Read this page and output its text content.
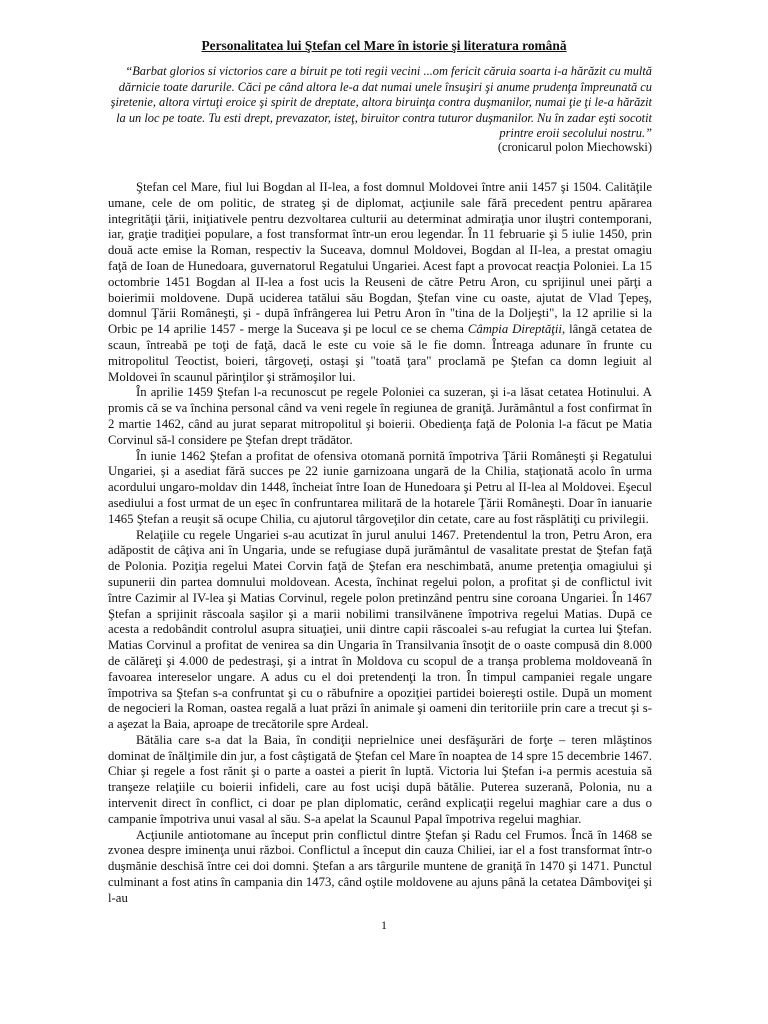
Personalitatea lui Ştefan cel Mare în istorie şi literatura română

“Barbat glorios si victorios care a biruit pe toti regii vecini ...om fericit căruia soarta i-a hărăzit cu multă dărnicie toate darurile. Căci pe când altora le-a dat numai unele însuşiri şi anume prudenţa împreunată cu şiretenie, altora virtuţi eroice şi spirit de dreptate, altora biruinţa contra duşmanilor, numai ţie ţi le-a hărăzit la un loc pe toate. Tu esti drept, prevazator, isteţ, biruitor contra tuturor duşmanilor. Nu în zadar eşti socotit printre eroii secolului nostru.”

(cronicarul polon Miechowski)

Ştefan cel Mare, fiul lui Bogdan al II-lea, a fost domnul Moldovei între anii 1457 şi 1504. Calităţile umane, cele de om politic, de strateg şi de diplomat, acţiunile sale fără precedent pentru apărarea integrităţii ţării, iniţiativele pentru dezvoltarea culturii au determinat admiraţia unor iluştri contemporani, iar, graţie tradiţiei populare, a fost transformat într-un erou legendar. În 11 februarie şi 5 iulie 1450, prin două acte emise la Roman, respectiv la Suceava, domnul Moldovei, Bogdan al II-lea, a prestat omagiu faţă de Ioan de Hunedoara, guvernatorul Regatului Ungariei. Acest fapt a provocat reacţia Poloniei. La 15 octombrie 1451 Bogdan al II-lea a fost ucis la Reuseni de către Petru Aron, cu sprijinul unei părţi a boierimii moldovene. După uciderea tatălui său Bogdan, Ştefan vine cu oaste, ajutat de Vlad Ţepeş, domnul Ţării Româneşti, şi - după înfrângerea lui Petru Aron în "tina de la Doljeşti", la 12 aprilie si la Orbic pe 14 aprilie 1457 - merge la Suceava şi pe locul ce se chema Câmpia Direptăţii, lângă cetatea de scaun, întreabă pe toţi de faţă, dacă le este cu voie să le fie domn. Întreaga adunare în frunte cu mitropolitul Teoctist, boieri, târgoveţi, ostaşi şi "toată ţara" proclamă pe Ştefan ca domn legiuit al Moldovei în scaunul părinţilor şi strămoşilor lui.

În aprilie 1459 Ştefan l-a recunoscut pe regele Poloniei ca suzeran, şi i-a lăsat cetatea Hotinului. A promis că se va închina personal când va veni regele în regiunea de graniţă. Jurământul a fost confirmat în 2 martie 1462, când au jurat separat mitropolitul şi boierii. Obedienţa faţă de Polonia l-a făcut pe Matia Corvinul să-l considere pe Ştefan drept trădător.

În iunie 1462 Ştefan a profitat de ofensiva otomană pornită împotriva Ţării Româneşti şi Regatului Ungariei, şi a asediat fără succes pe 22 iunie garnizoana ungară de la Chilia, staţionată acolo în urma acordului ungaro-moldav din 1448, încheiat între Ioan de Hunedoara şi Petru al II-lea al Moldovei. Eşecul asediului a fost urmat de un eşec în confruntarea militară de la hotarele Ţării Româneşti. Doar în ianuarie 1465 Ştefan a reuşit să ocupe Chilia, cu ajutorul târgoveţilor din cetate, care au fost răsplătiţi cu privilegii.

Relaţiile cu regele Ungariei s-au acutizat în jurul anului 1467. Pretendentul la tron, Petru Aron, era adăpostit de câţiva ani în Ungaria, unde se refugiase după jurământul de vasalitate prestat de Ştefan faţă de Polonia. Poziţia regelui Matei Corvin faţă de Ştefan era neschimbată, anume pretenţia omagiului şi supunerii din partea domnului moldovean. Acesta, închinat regelui polon, a profitat şi de conflictul ivit între Cazimir al IV-lea şi Matias Corvinul, regele polon pretinzând pentru sine coroana Ungariei. În 1467 Ştefan a sprijinit răscoala saşilor şi a marii nobilimi transilvănene împotriva regelui Matias. După ce acesta a redobândit controlul asupra situaţiei, unii dintre capii răscoalei s-au refugiat la curtea lui Ştefan. Matias Corvinul a profitat de venirea sa din Ungaria în Transilvania însoţit de o oaste compusă din 8.000 de călăreţi şi 4.000 de pedestraşi, şi a intrat în Moldova cu scopul de a tranşa problema moldoveană în favoarea intereselor ungare. A adus cu el doi pretendenţi la tron. În timpul campaniei regale ungare împotriva sa Ştefan s-a confruntat şi cu o răbufnire a opoziţiei partidei boiereşti ostile. După un moment de negocieri la Roman, oastea regală a luat prăzi în animale şi oameni din teritoriile prin care a trecut şi s-a aşezat la Baia, aproape de trecătorile spre Ardeal.

Bătălia care s-a dat la Baia, în condiţii neprielnice unei desfăşurări de forţe – teren mlăştinos dominat de înălţimile din jur, a fost câştigată de Ştefan cel Mare în noaptea de 14 spre 15 decembrie 1467. Chiar şi regele a fost rănit şi o parte a oastei a pierit în luptă. Victoria lui Ştefan i-a permis acestuia să tranşeze relaţiile cu boierii infideli, care au fost ucişi după bătălie. Puterea suzerană, Polonia, nu a intervenit direct în conflict, ci doar pe plan diplomatic, cerând explicaţii regelui maghiar care a dus o campanie împotriva unui vasal al său. S-a apelat la Scaunul Papal împotriva regelui maghiar.

Acţiunile antiotomane au început prin conflictul dintre Ştefan şi Radu cel Frumos. Încă în 1468 se zvonea despre iminenţa unui război. Conflictul a început din cauza Chiliei, iar el a fost transformat într-o duşmănie deschisă între cei doi domni. Ştefan a ars târgurile muntene de graniţă în 1470 şi 1471. Punctul culminant a fost atins în campania din 1473, când oştile moldovene au ajuns până la cetatea Dâmboviţei şi l-au

1
